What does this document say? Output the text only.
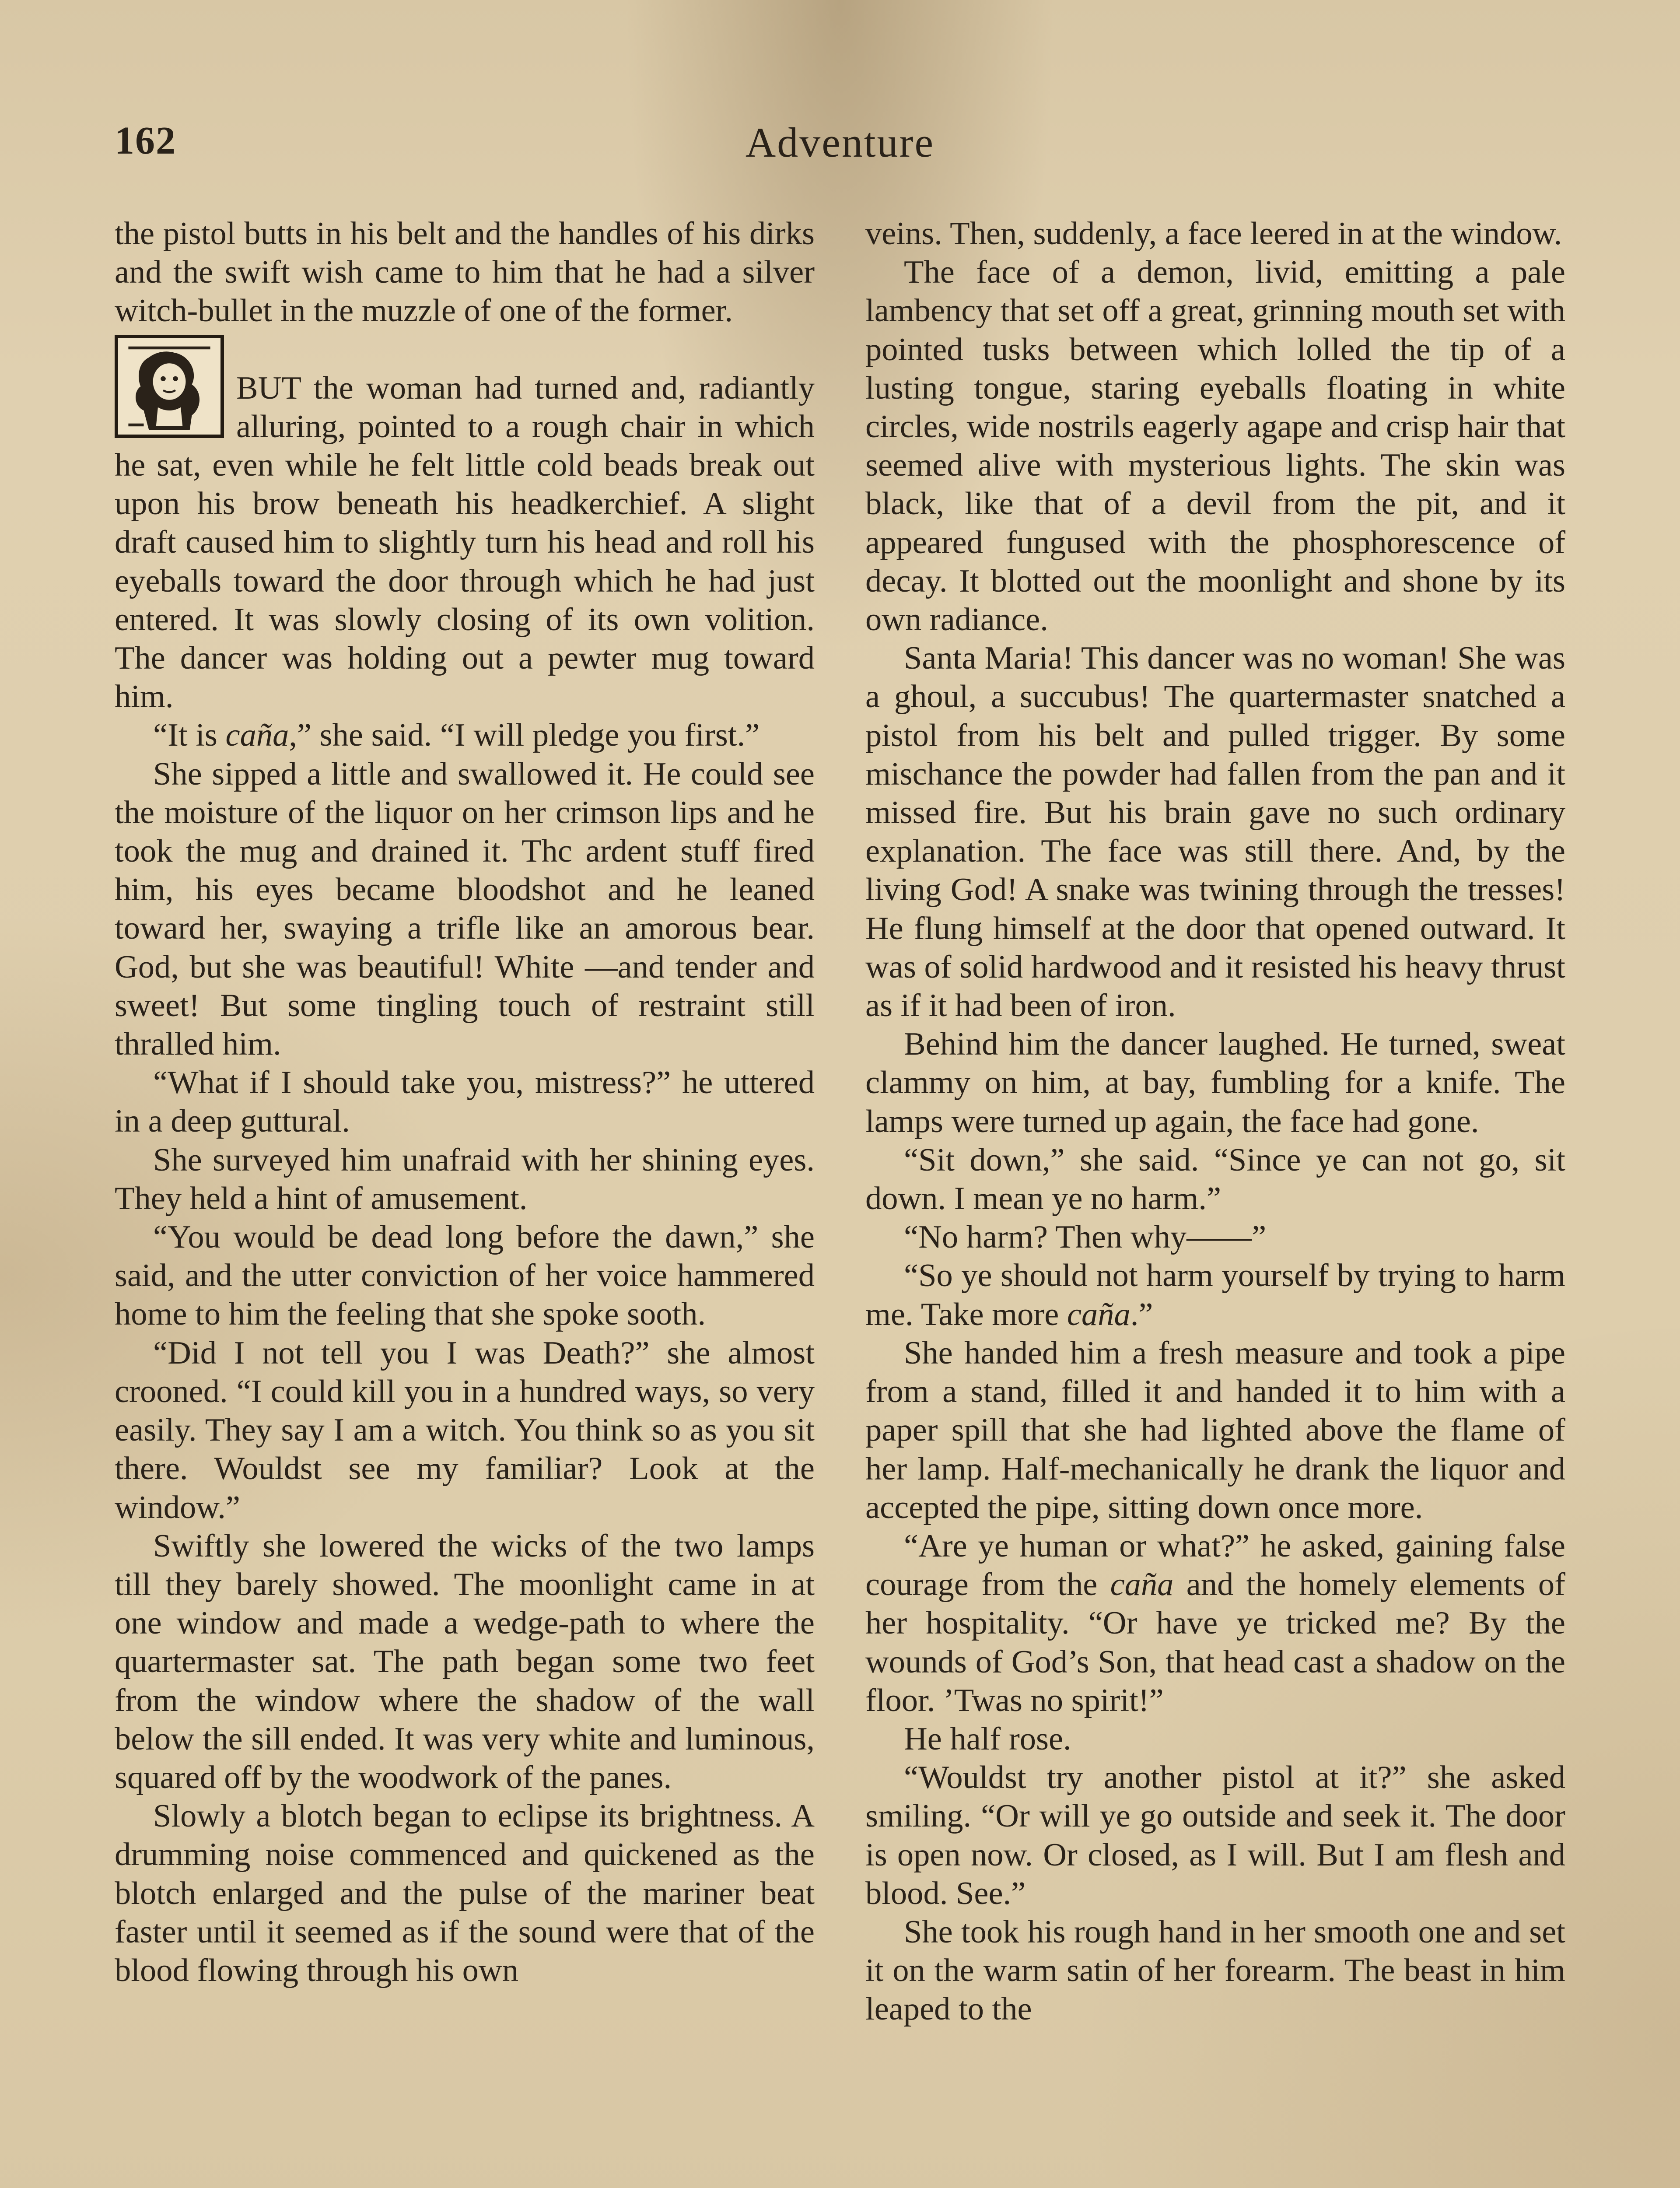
162	Adventure

the pistol butts in his belt and the handles of his dirks and the swift wish came to him that he had a silver witch-bullet in the muzzle of one of the former.

BUT the woman had turned and, radiantly alluring, pointed to a rough chair in which he sat, even while he felt little cold beads break out upon his brow beneath his headkerchief. A slight draft caused him to slightly turn his head and roll his eyeballs toward the door through which he had just entered. It was slowly closing of its own volition. The dancer was holding out a pewter mug toward him.

“It is caña,” she said. “I will pledge you first.”

She sipped a little and swallowed it. He could see the moisture of the liquor on her crimson lips and he took the mug and drained it. Thc ardent stuff fired him, his eyes became bloodshot and he leaned toward her, swaying a trifle like an amorous bear. God, but she was beautiful! White —and tender and sweet! But some tingling touch of restraint still thralled him.

“What if I should take you, mistress?” he uttered in a deep guttural.

She surveyed him unafraid with her shining eyes. They held a hint of amusement.

“You would be dead long before the dawn,” she said, and the utter conviction of her voice hammered home to him the feeling that she spoke sooth.

“Did I not tell you I was Death?” she almost crooned. “I could kill you in a hundred ways, so very easily. They say I am a witch. You think so as you sit there. Wouldst see my familiar? Look at the window.”

Swiftly she lowered the wicks of the two lamps till they barely showed. The moonlight came in at one window and made a wedge-path to where the quartermaster sat. The path began some two feet from the window where the shadow of the wall below the sill ended. It was very white and luminous, squared off by the woodwork of the panes.

Slowly a blotch began to eclipse its brightness. A drumming noise commenced and quickened as the blotch enlarged and the pulse of the mariner beat faster until it seemed as if the sound were that of the blood flowing through his own

veins. Then, suddenly, a face leered in at the window.

The face of a demon, livid, emitting a pale lambency that set off a great, grinning mouth set with pointed tusks between which lolled the tip of a lusting tongue, staring eyeballs floating in white circles, wide nostrils eagerly agape and crisp hair that seemed alive with mysterious lights. The skin was black, like that of a devil from the pit, and it appeared fungused with the phosphorescence of decay. It blotted out the moonlight and shone by its own radiance.

Santa Maria! This dancer was no woman! She was a ghoul, a succubus! The quartermaster snatched a pistol from his belt and pulled trigger. By some mischance the powder had fallen from the pan and it missed fire. But his brain gave no such ordinary explanation. The face was still there. And, by the living God! A snake was twining through the tresses! He flung himself at the door that opened outward. It was of solid hardwood and it resisted his heavy thrust as if it had been of iron.

Behind him the dancer laughed. He turned, sweat clammy on him, at bay, fumbling for a knife. The lamps were turned up again, the face had gone.

“Sit down,” she said. “Since ye can not go, sit down. I mean ye no harm.”

“No harm? Then why——”

“So ye should not harm yourself by trying to harm me. Take more caña.”

She handed him a fresh measure and took a pipe from a stand, filled it and handed it to him with a paper spill that she had lighted above the flame of her lamp. Half-mechanically he drank the liquor and accepted the pipe, sitting down once more.

“Are ye human or what?” he asked, gaining false courage from the caña and the homely elements of her hospitality. “Or have ye tricked me? By the wounds of God’s Son, that head cast a shadow on the floor. ’Twas no spirit!”

He half rose.

“Wouldst try another pistol at it?” she asked smiling. “Or will ye go outside and seek it. The door is open now. Or closed, as I will. But I am flesh and blood. See.”

She took his rough hand in her smooth one and set it on the warm satin of her forearm. The beast in him leaped to the
